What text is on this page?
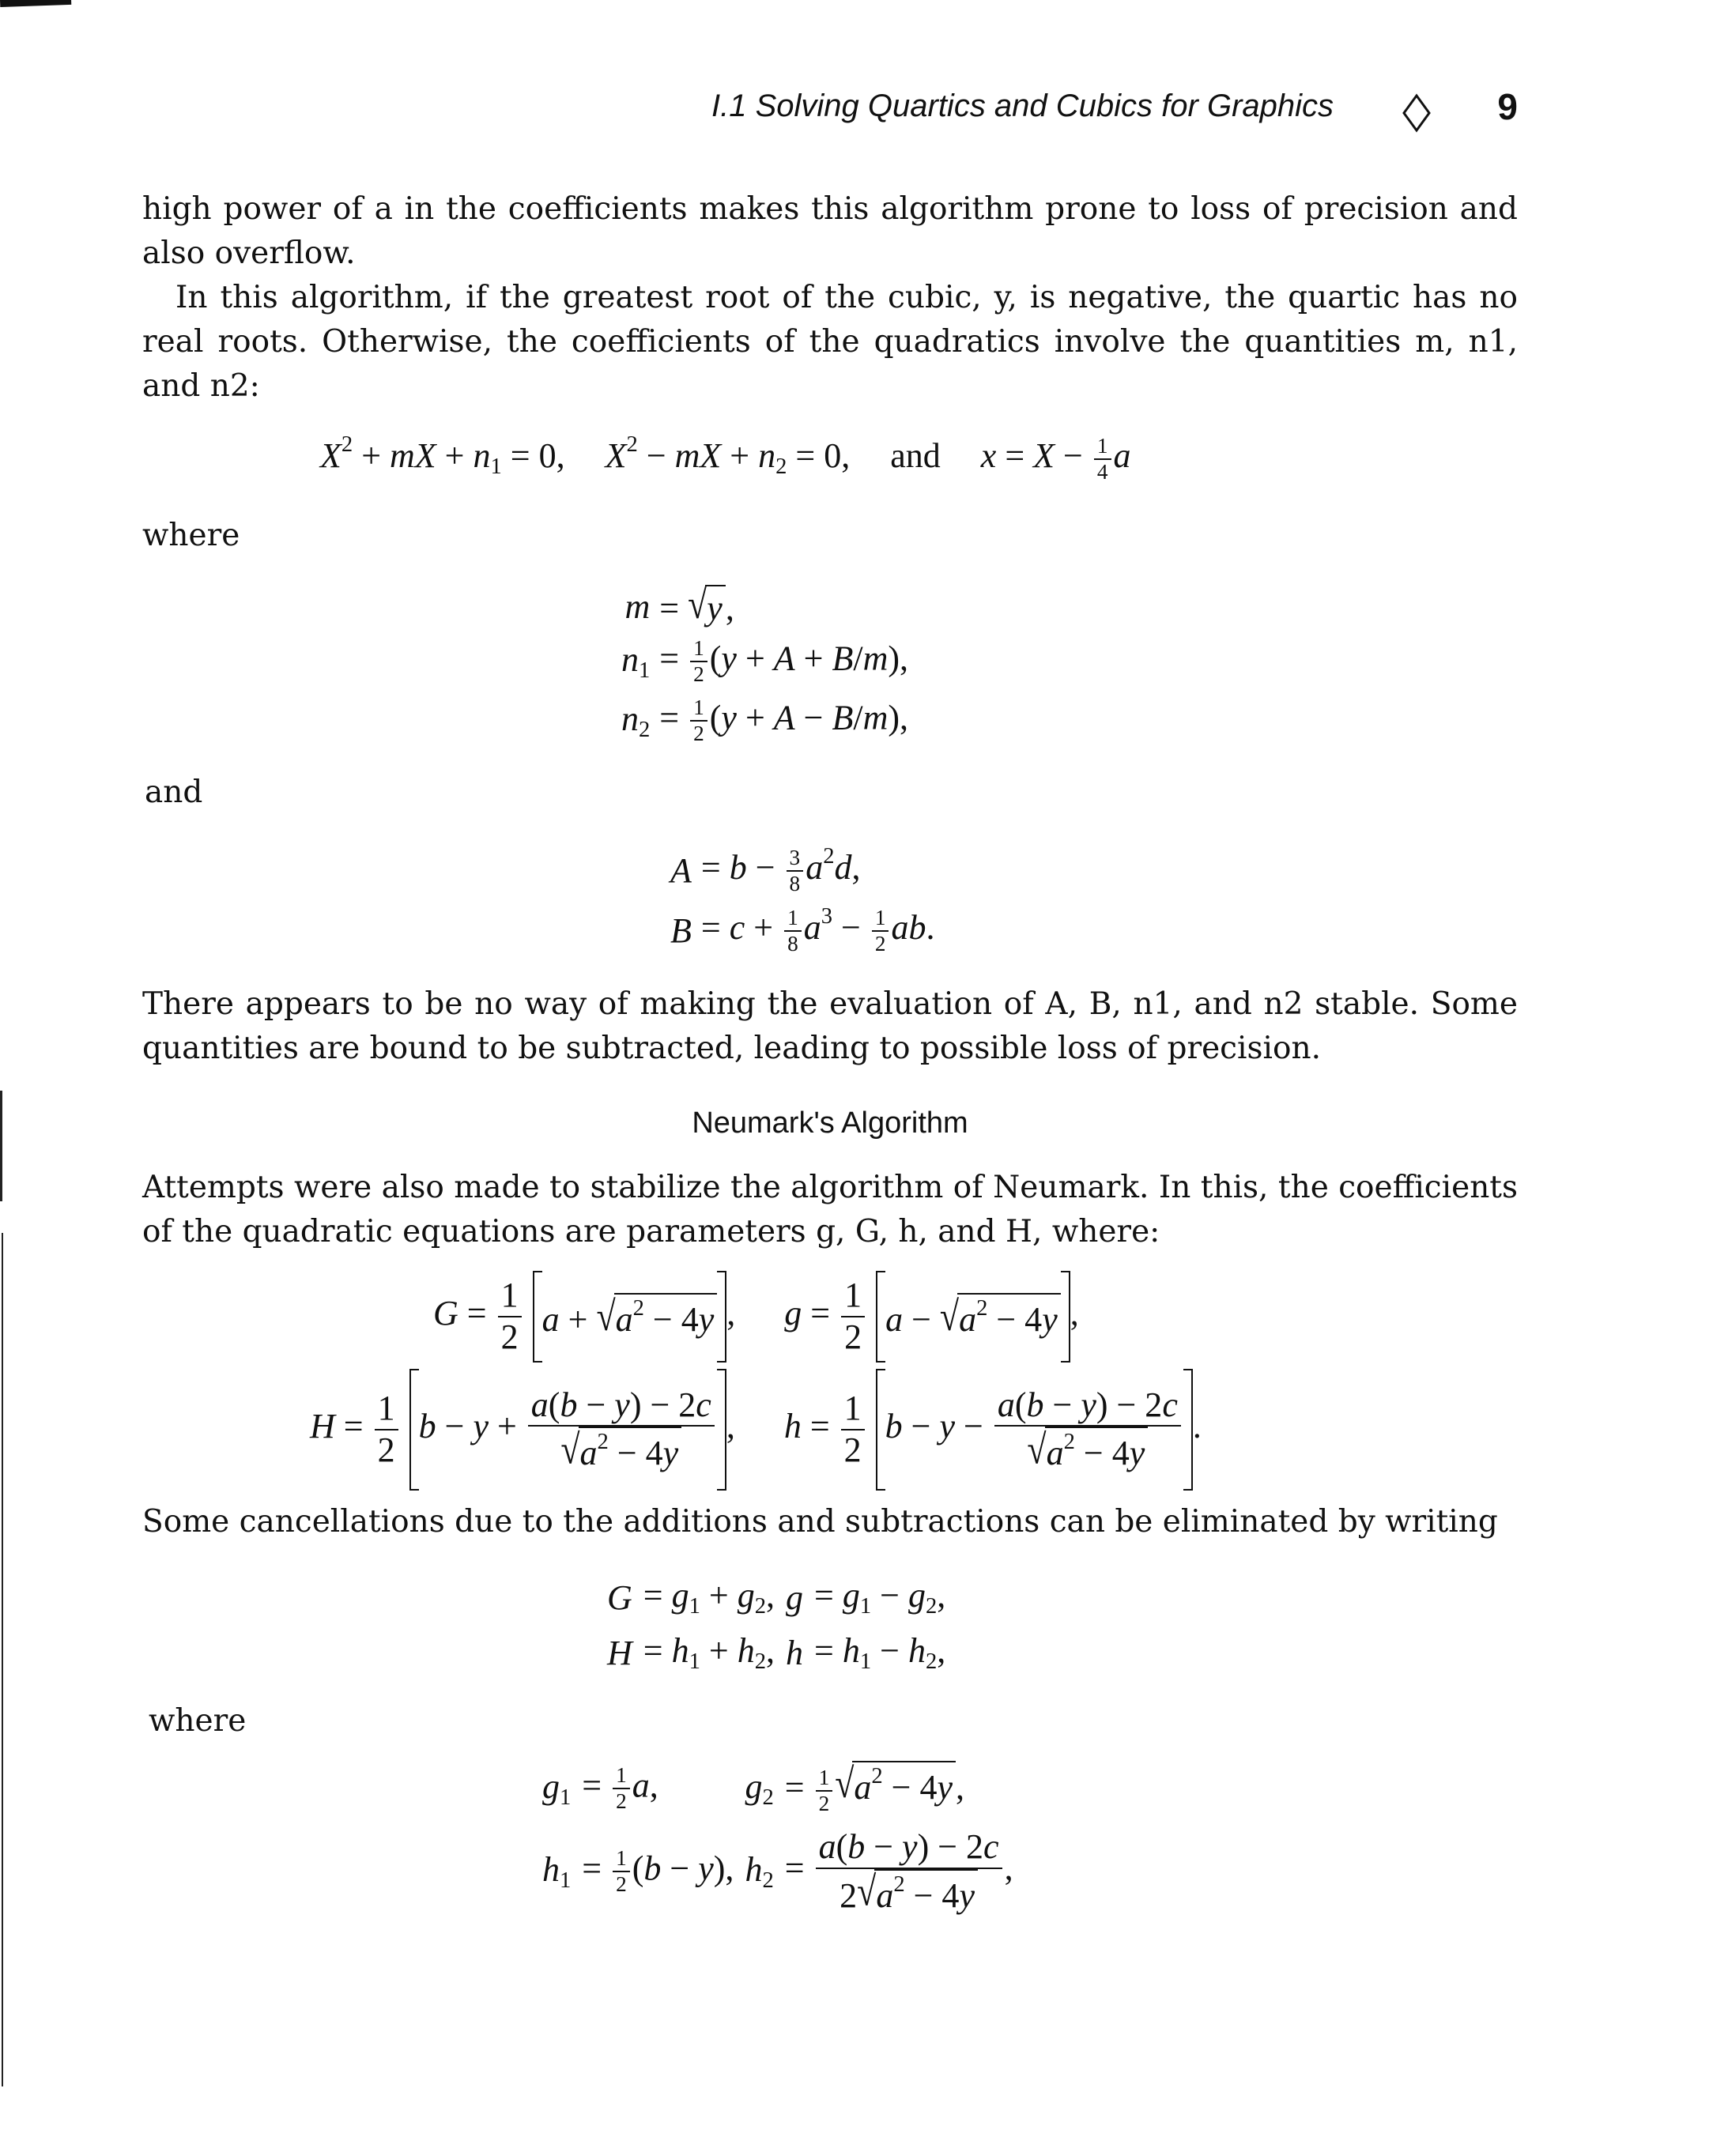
I.1 Solving Quartics and Cubics for Graphics	9
high power of a in the coefficients makes this algorithm prone to loss of precision and also overflow.
In this algorithm, if the greatest root of the cubic, y, is negative, the quartic has no real roots. Otherwise, the coefficients of the quadratics involve the quantities m, n1, and n2:
$X^2$ + mX + $n_1 = 0$, $X^2$ − mX + $n_2 = 0$, and $x = X - \frac{1}{4}$ a
where
m = √y,
$n_1 = \frac{1}{2} (y + A + B/m)$,
$n_2 = \frac{1}{2} (y + A - B/m)$,
and
$A = b - \frac{3}{8} a^2d$,
$B = c + \frac{1}{8} a^3 - \frac{1}{2}$ ab.
There appears to be no way of making the evaluation of A, B, n1, and n2 stable. Some quantities are bound to be subtracted, leading to possible loss of precision.
Neumark's Algorithm
Attempts were also made to stabilize the algorithm of Neumark. In this, the coefficients of the quadratic equations are parameters g, G, h, and H, where:
$G = \frac{1}{2}$ $a + √a^2 - 4y$ ,  $g = \frac{1}{2}$ $a - √a^2 - 4y$ ,
$H = \frac{1}{2}$ $b - y + \frac{a(b - y) - 2c}{√a^2 - 4y}$ ,  $h = \frac{1}{2}$ $b - y - \frac{a(b - y) - 2c}{√a^2 - 4y}$ .
Some cancellations due to the additions and subtractions can be eliminated by writing
$G = g_1 + g_2$, $g = g_1 - g_2$,
$H = h_1 + h_2$, $h = h_1 - h_2$,
where
$g_1 = \frac{1}{2} a$,	$g_2 = \frac{1}{2} √a^2 - 4y$,
$h_1 = \frac{1}{2} (b - y)$, $h_2 = \frac{a(b - y) - 2c}{2√a^2 - 4y}$ ,
